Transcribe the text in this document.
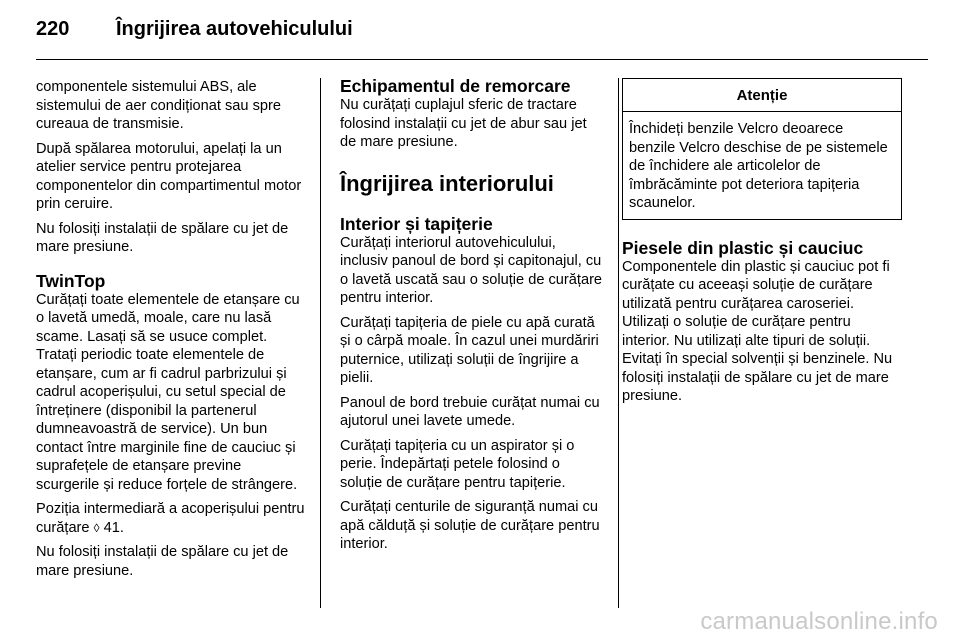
220 Îngrijirea autovehiculului

componentele sistemului ABS, ale sistemului de aer condiționat sau spre cureaua de transmisie.

După spălarea motorului, apelați la un atelier service pentru protejarea componentelor din compartimentul motor prin ceruire.

Nu folosiți instalații de spălare cu jet de mare presiune.

TwinTop

Curățați toate elementele de etanșare cu o lavetă umedă, moale, care nu lasă scame. Lasați să se usuce complet. Tratați periodic toate elementele de etanșare, cum ar fi cadrul parbrizului și cadrul acoperișului, cu setul special de întreținere (disponibil la partenerul dumneavoastră de service). Un bun contact între marginile fine de cauciuc și suprafețele de etanșare previne scurgerile și reduce forțele de strângere.

Poziția intermediară a acoperișului pentru curățare ◊ 41.

Nu folosiți instalații de spălare cu jet de mare presiune.

Echipamentul de remorcare

Nu curățați cuplajul sferic de tractare folosind instalații cu jet de abur sau jet de mare presiune.

Îngrijirea interiorului
Interior și tapițerie

Curățați interiorul autovehiculului, inclusiv panoul de bord și capitonajul, cu o lavetă uscată sau o soluție de curățare pentru interior.

Curățați tapițeria de piele cu apă curată și o cârpă moale. În cazul unei murdăriri puternice, utilizați soluții de îngrijire a pielii.

Panoul de bord trebuie curățat numai cu ajutorul unei lavete umede.

Curățați tapițeria cu un aspirator și o perie. Îndepărtați petele folosind o soluție de curățare pentru tapițerie.

Curățați centurile de siguranță numai cu apă călduță și soluție de curățare pentru interior.

Atenție
Închideți benzile Velcro deoarece benzile Velcro deschise de pe sistemele de închidere ale articolelor de îmbrăcăminte pot deteriora tapițeria scaunelor.
Piesele din plastic și cauciuc

Componentele din plastic și cauciuc pot fi curățate cu aceeași soluție de curățare utilizată pentru curățarea caroseriei. Utilizați o soluție de curățare pentru interior. Nu utilizați alte tipuri de soluții. Evitați în special solvenții și benzinele. Nu folosiți instalații de spălare cu jet de mare presiune.

carmanualsonline.info
